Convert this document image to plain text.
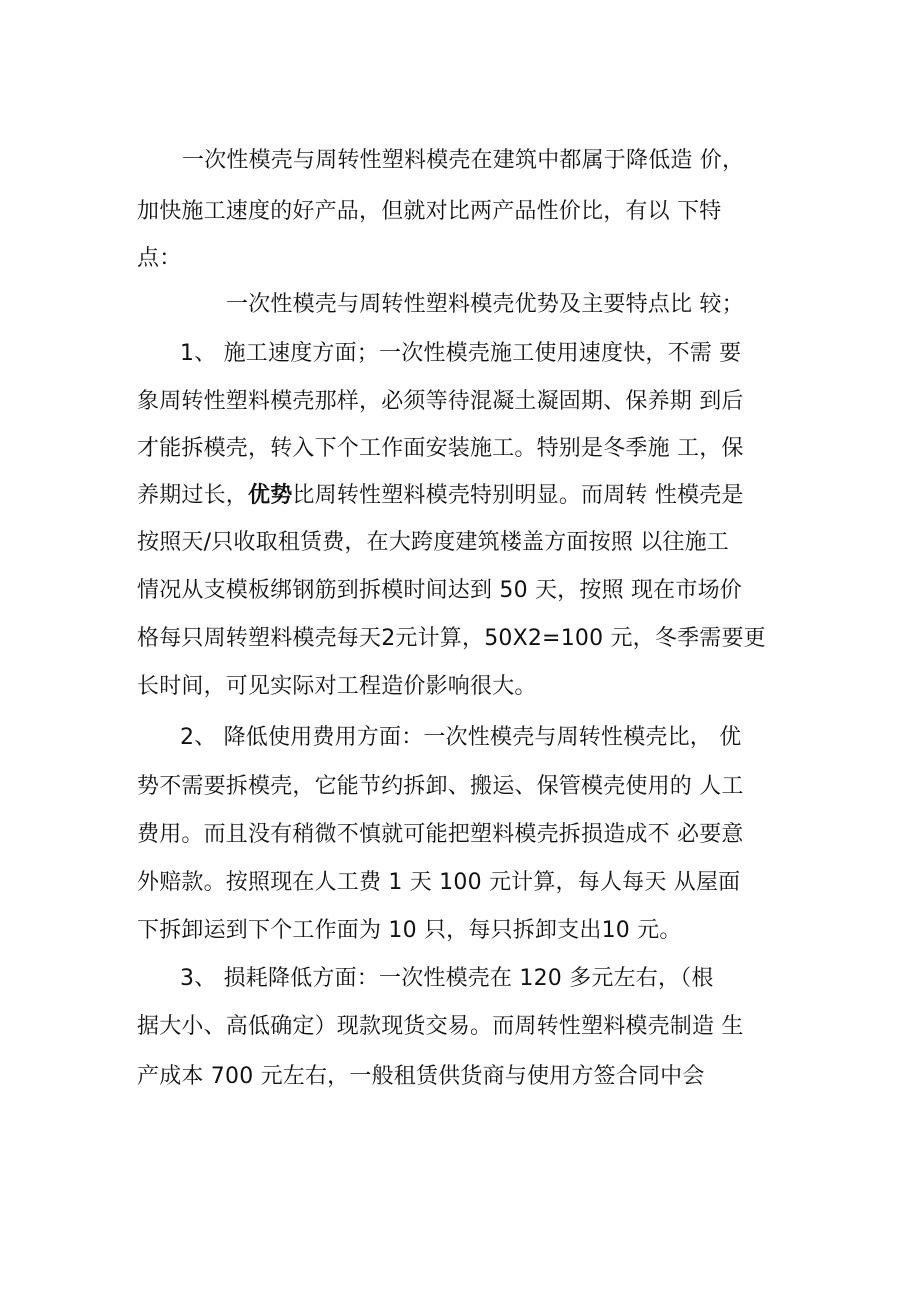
一次性模壳与周转性塑料模壳在建筑中都属于降低造 价，
加快施工速度的好产品，但就对比两产品性价比，有以 下特
点：
一次性模壳与周转性塑料模壳优势及主要特点比 较；
1、 施工速度方面；一次性模壳施工使用速度快，不需 要
象周转性塑料模壳那样，必须等待混凝土凝固期、保养期 到后
才能拆模壳，转入下个工作面安装施工。特别是冬季施 工，保
养期过长，优势比周转性塑料模壳特别明显。而周转 性模壳是
按照天/只收取租赁费，在大跨度建筑楼盖方面按照 以往施工
情况从支模板绑钢筋到拆模时间达到 50 天，按照 现在市场价
格每只周转塑料模壳每天2元计算，50X2=100 元，冬季需要更
长时间，可见实际对工程造价影响很大。
2、 降低使用费用方面：一次性模壳与周转性模壳比， 优
势不需要拆模壳，它能节约拆卸、搬运、保管模壳使用的 人工
费用。而且没有稍微不慎就可能把塑料模壳拆损造成不 必要意
外赔款。按照现在人工费 1 天 100 元计算，每人每天 从屋面
下拆卸运到下个工作面为 10 只，每只拆卸支出10 元。
3、 损耗降低方面：一次性模壳在 120 多元左右，（根
据大小、高低确定）现款现货交易。而周转性塑料模壳制造 生
产成本 700 元左右，一般租赁供货商与使用方签合同中会
